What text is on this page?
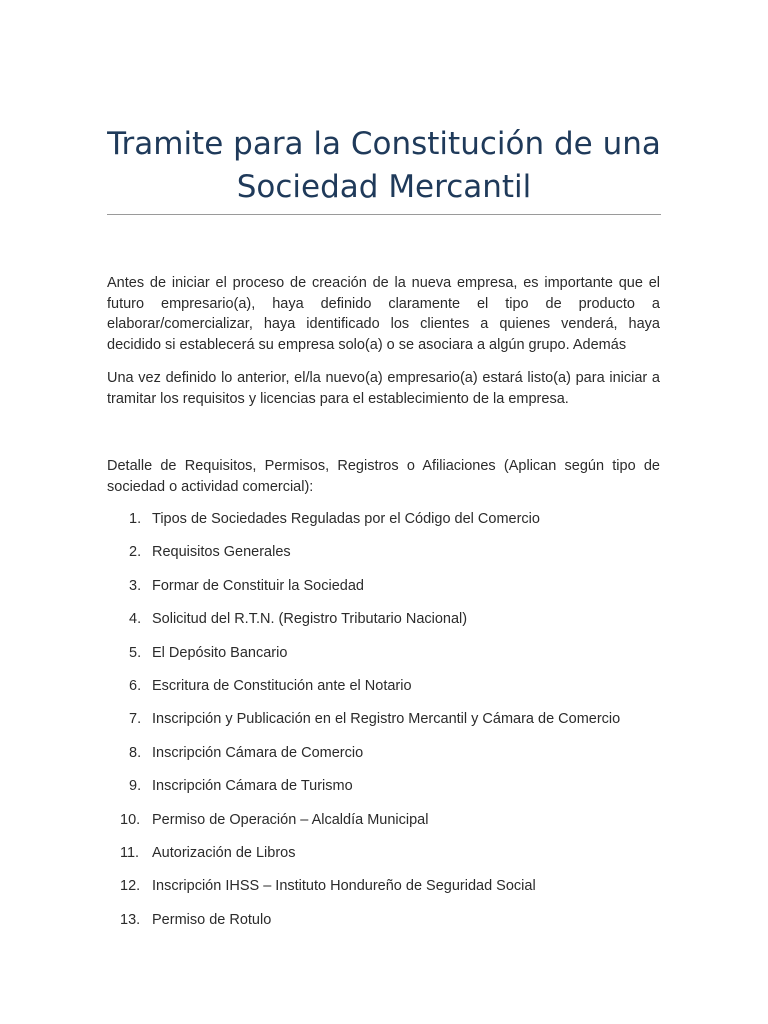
Tramite para la Constitución de una Sociedad Mercantil

Antes de iniciar el proceso de creación de la nueva empresa, es importante que el futuro empresario(a), haya definido claramente el tipo de producto a elaborar/comercializar, haya identificado los clientes a quienes venderá, haya decidido si establecerá su empresa solo(a) o se asociara a algún grupo. Además

Una vez definido lo anterior, el/la nuevo(a) empresario(a) estará listo(a) para iniciar a tramitar los requisitos y licencias para el establecimiento de la empresa.

Detalle de Requisitos, Permisos, Registros o Afiliaciones (Aplican según tipo de sociedad o actividad comercial):

1. Tipos de Sociedades Reguladas por el Código del Comercio
2. Requisitos Generales
3. Formar de Constituir la Sociedad
4. Solicitud del R.T.N. (Registro Tributario Nacional)
5. El Depósito Bancario
6. Escritura de Constitución ante el Notario
7. Inscripción y Publicación en el Registro Mercantil y Cámara de Comercio
8. Inscripción Cámara de Comercio
9. Inscripción Cámara de Turismo
10. Permiso de Operación – Alcaldía Municipal
11. Autorización de Libros
12. Inscripción IHSS – Instituto Hondureño de Seguridad Social
13. Permiso de Rotulo
